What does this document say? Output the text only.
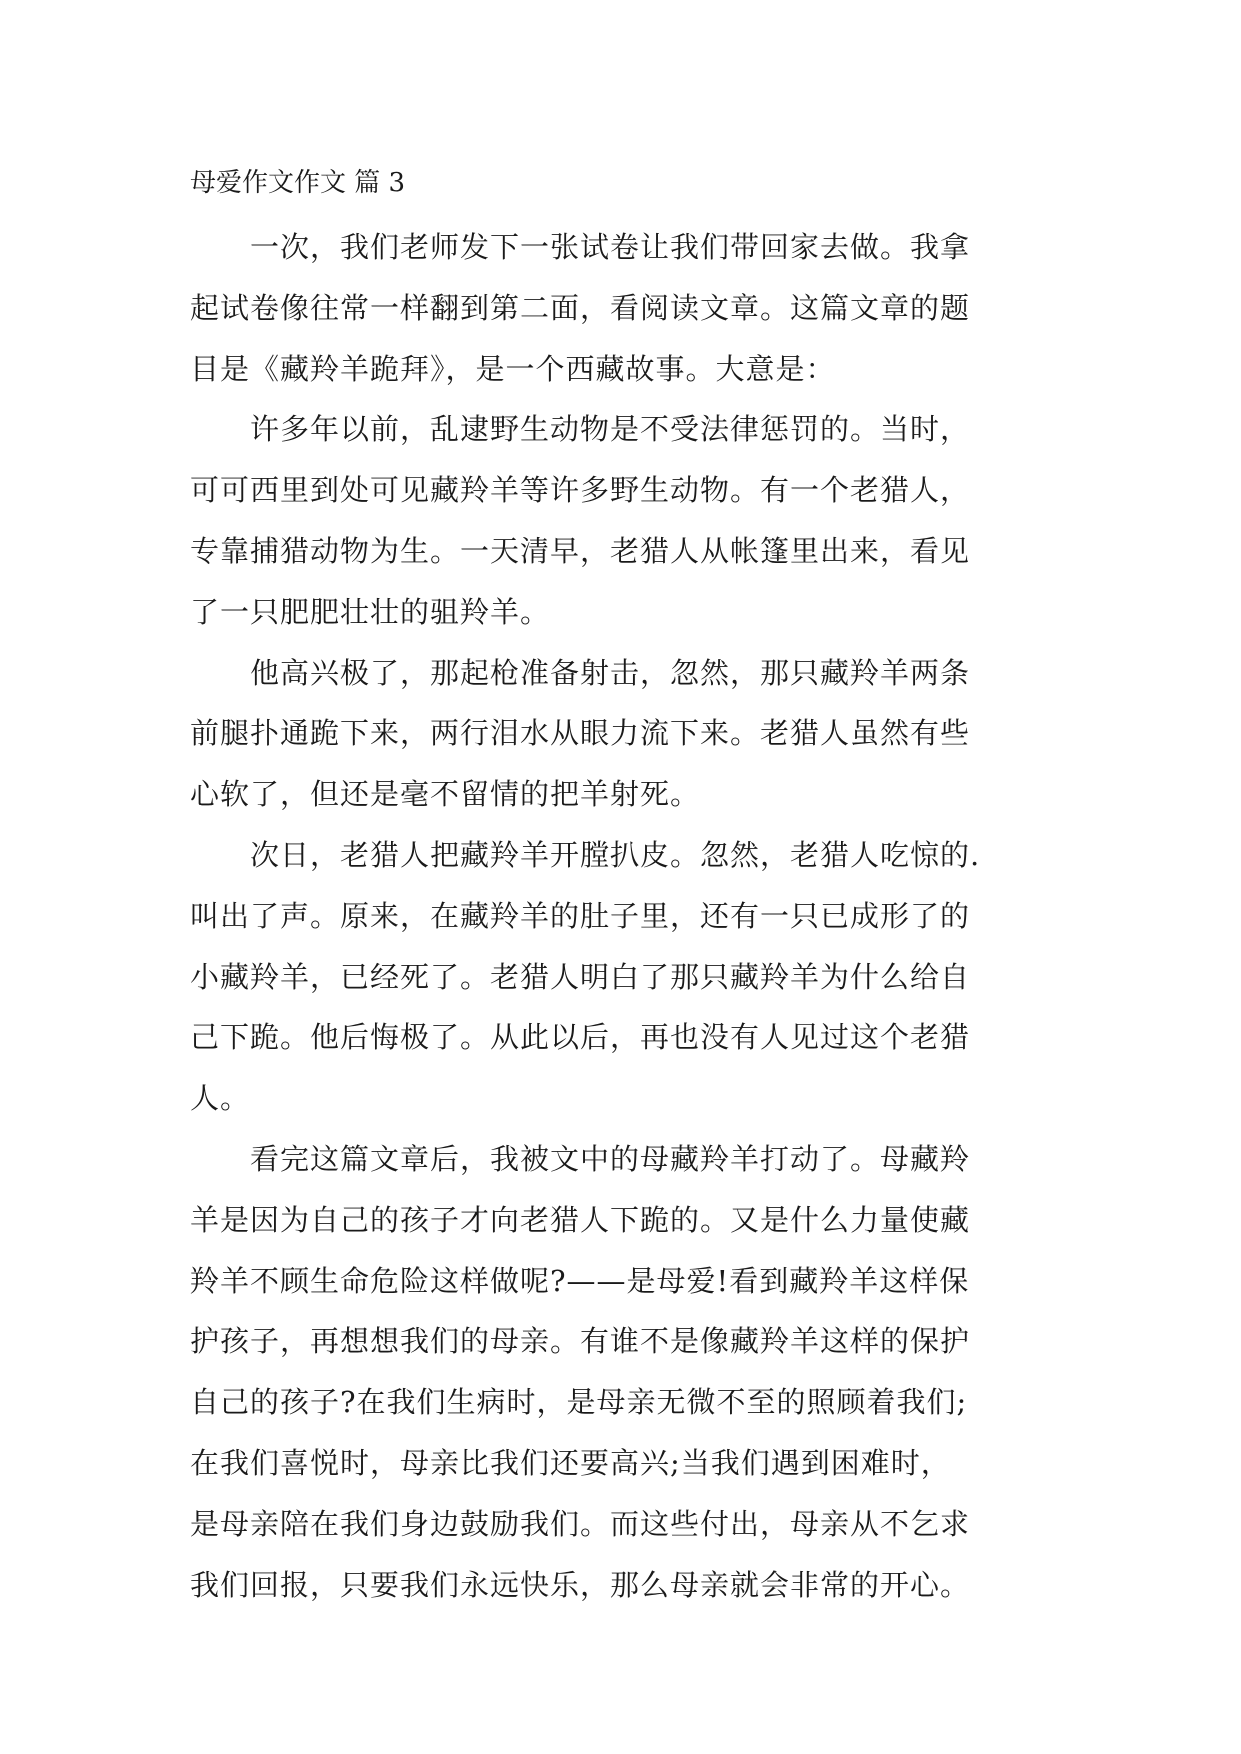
母爱作文作文 篇 3

　　一次，我们老师发下一张试卷让我们带回家去做。我拿
起试卷像往常一样翻到第二面，看阅读文章。这篇文章的题
目是《藏羚羊跪拜》，是一个西藏故事。大意是：

　　许多年以前，乱逮野生动物是不受法律惩罚的。当时，
可可西里到处可见藏羚羊等许多野生动物。有一个老猎人，
专靠捕猎动物为生。一天清早，老猎人从帐篷里出来，看见
了一只肥肥壮壮的驵羚羊。

　　他高兴极了，那起枪准备射击，忽然，那只藏羚羊两条
前腿扑通跪下来，两行泪水从眼力流下来。老猎人虽然有些
心软了，但还是毫不留情的把羊射死。

　　次日，老猎人把藏羚羊开膛扒皮。忽然，老猎人吃惊的.
叫出了声。原来，在藏羚羊的肚子里，还有一只已成形了的
小藏羚羊，已经死了。老猎人明白了那只藏羚羊为什么给自
己下跪。他后悔极了。从此以后，再也没有人见过这个老猎
人。

　　看完这篇文章后，我被文中的母藏羚羊打动了。母藏羚
羊是因为自己的孩子才向老猎人下跪的。又是什么力量使藏
羚羊不顾生命危险这样做呢?——是母爱!看到藏羚羊这样保
护孩子，再想想我们的母亲。有谁不是像藏羚羊这样的保护
自己的孩子?在我们生病时，是母亲无微不至的照顾着我们;
在我们喜悦时，母亲比我们还要高兴;当我们遇到困难时，
是母亲陪在我们身边鼓励我们。而这些付出，母亲从不乞求
我们回报，只要我们永远快乐，那么母亲就会非常的开心。
